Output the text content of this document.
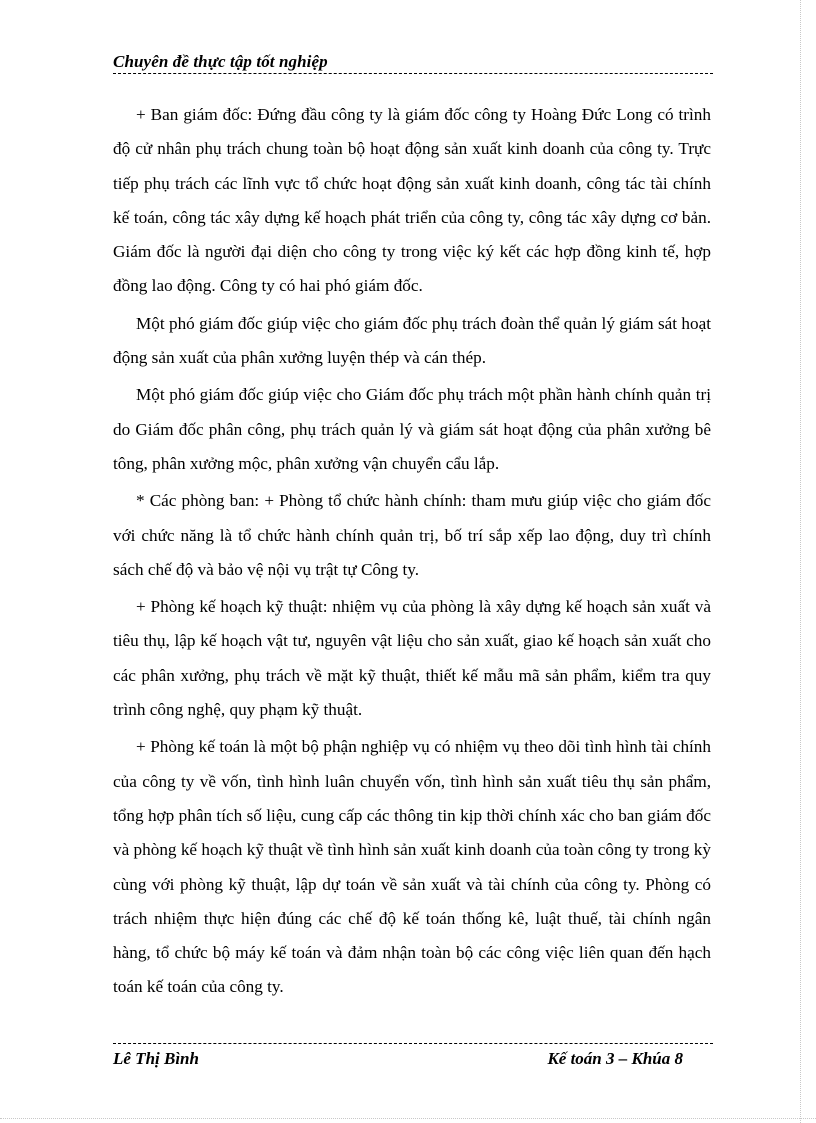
Chuyên đề thực tập tốt nghiệp

+ Ban giám đốc: Đứng đầu công ty là giám đốc công ty Hoàng Đức Long có trình độ cử nhân phụ trách chung toàn bộ hoạt động sản xuất kinh doanh của công ty. Trực tiếp phụ trách các lĩnh vực tổ chức hoạt động sản xuất kinh doanh, công tác tài chính kế toán, công tác xây dựng kế hoạch phát triển của công ty, công tác xây dựng cơ bản. Giám đốc là người đại diện cho công ty trong việc ký kết các hợp đồng kinh tế, hợp đồng lao động. Công ty có hai phó giám đốc.

Một phó giám đốc giúp việc cho giám đốc phụ trách đoàn thể quản lý giám sát hoạt động sản xuất của phân xưởng luyện thép và cán thép.

Một phó giám đốc giúp việc cho Giám đốc phụ trách một phần hành chính quản trị do Giám đốc phân công, phụ trách quản lý và giám sát hoạt động của phân xưởng bê tông, phân xưởng mộc, phân xưởng vận chuyển cẩu lắp.

* Các phòng ban: + Phòng tổ chức hành chính: tham mưu giúp việc cho giám đốc với chức năng là tổ chức hành chính quản trị, bố trí sắp xếp lao động, duy trì chính sách chế độ và bảo vệ nội vụ trật tự Công ty.

+ Phòng kế hoạch kỹ thuật: nhiệm vụ của phòng là xây dựng kế hoạch sản xuất và tiêu thụ, lập kế hoạch vật tư, nguyên vật liệu cho sản xuất, giao kế hoạch sản xuất cho các phân xưởng, phụ trách về mặt kỹ thuật, thiết kế mẫu mã sản phẩm, kiểm tra quy trình công nghệ, quy phạm kỹ thuật.

+ Phòng kế toán là một bộ phận nghiệp vụ có nhiệm vụ theo dõi tình hình tài chính của công ty về vốn, tình hình luân chuyển vốn, tình hình sản xuất tiêu thụ sản phẩm, tổng hợp phân tích số liệu, cung cấp các thông tin kịp thời chính xác cho ban giám đốc và phòng kế hoạch kỹ thuật về tình hình sản xuất kinh doanh của toàn công ty trong kỳ cùng với phòng kỹ thuật, lập dự toán về sản xuất và tài chính của công ty. Phòng có trách nhiệm thực hiện đúng các chế độ kế toán thống kê, luật thuế, tài chính ngân hàng, tổ chức bộ máy kế toán và đảm nhận toàn bộ các công việc liên quan đến hạch toán kế toán của công ty.

Lê Thị Bình	Kế toán 3 – Khúa 8
